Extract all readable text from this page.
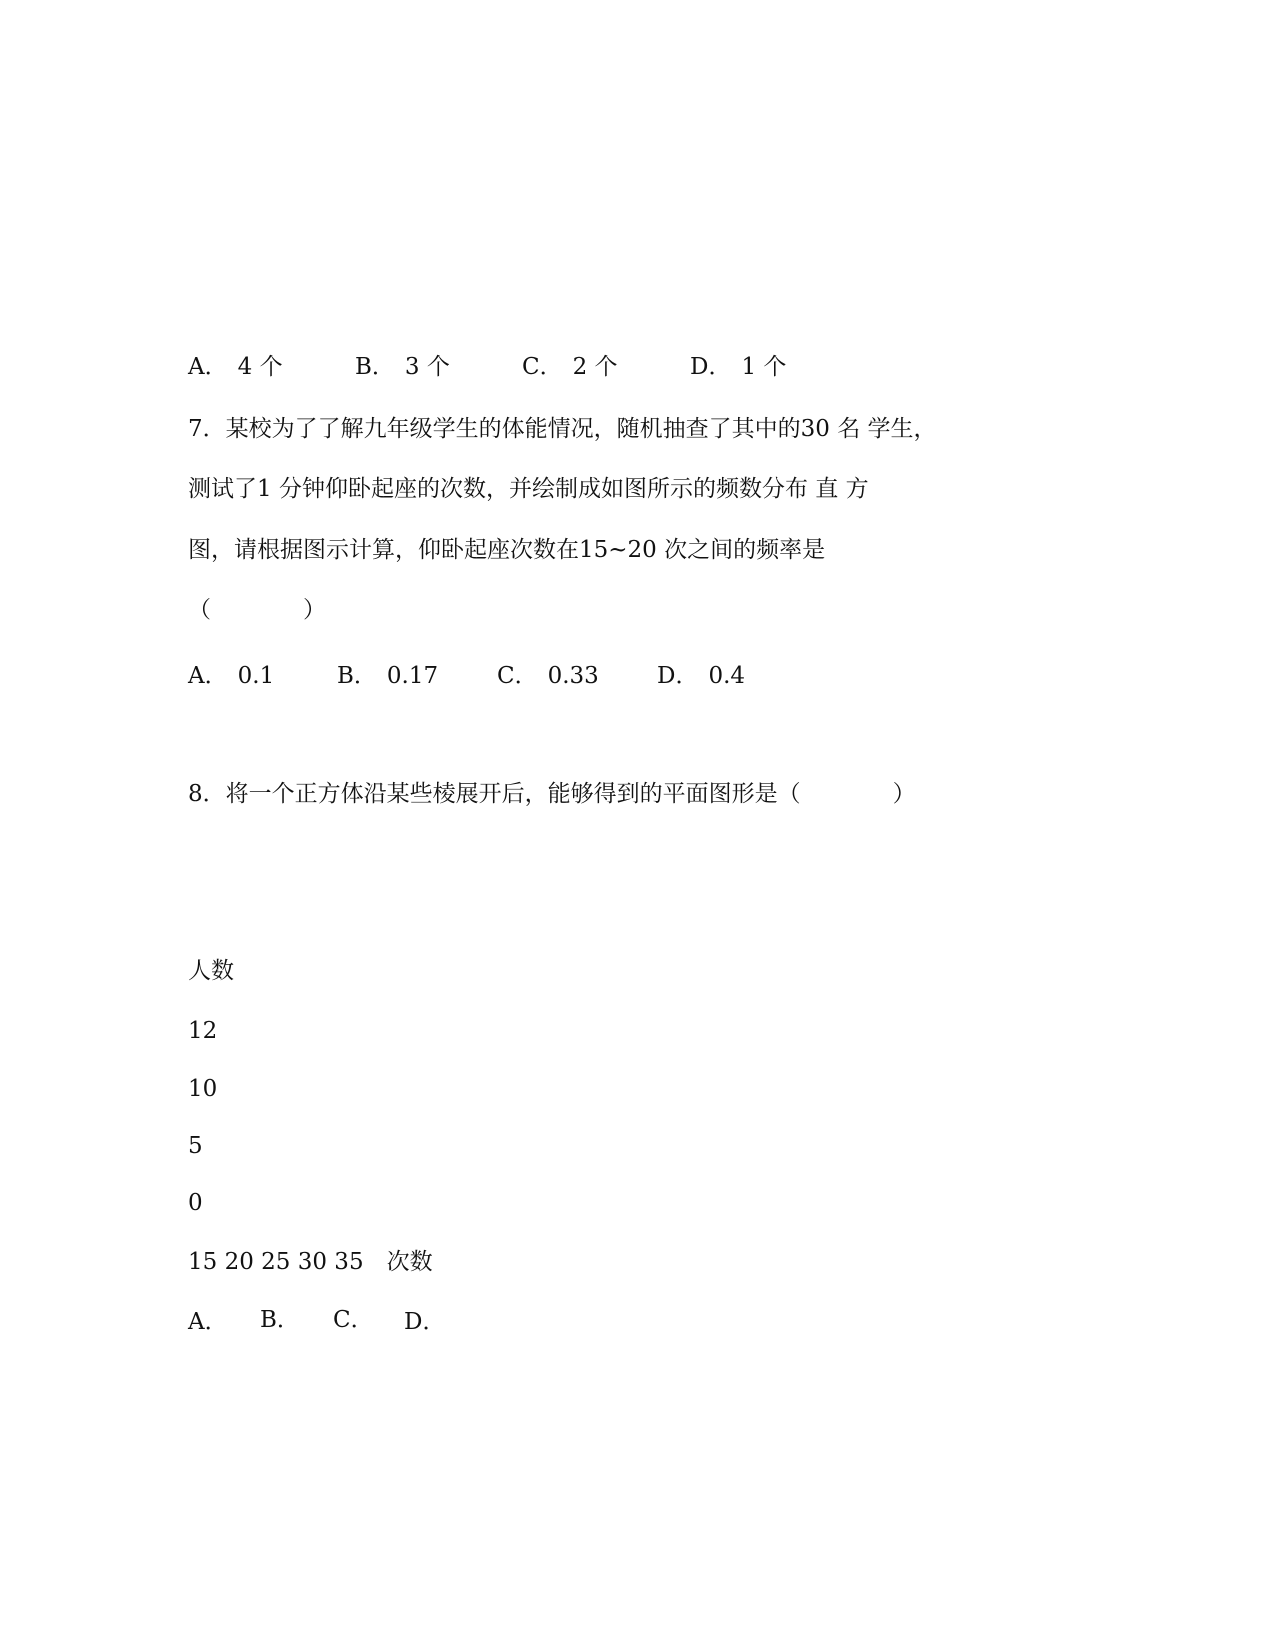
A． 4 个	B． 3 个	C． 2 个	D． 1 个
7．某校为了了解九年级学生的体能情况，随机抽查了其中的30 名 学生，
测试了1 分钟仰卧起座的次数，并绘制成如图所示的频数分布 直 方
图，请根据图示计算，仰卧起座次数在15~20 次之间的频率是
（　　　　）
A． 0.1	B． 0.17	C． 0.33	D． 0.4
8．将一个正方体沿某些棱展开后，能够得到的平面图形是（　　　　）
人数
12
10
5
0
15 20 25 30 35　次数
A． B． C． D．
